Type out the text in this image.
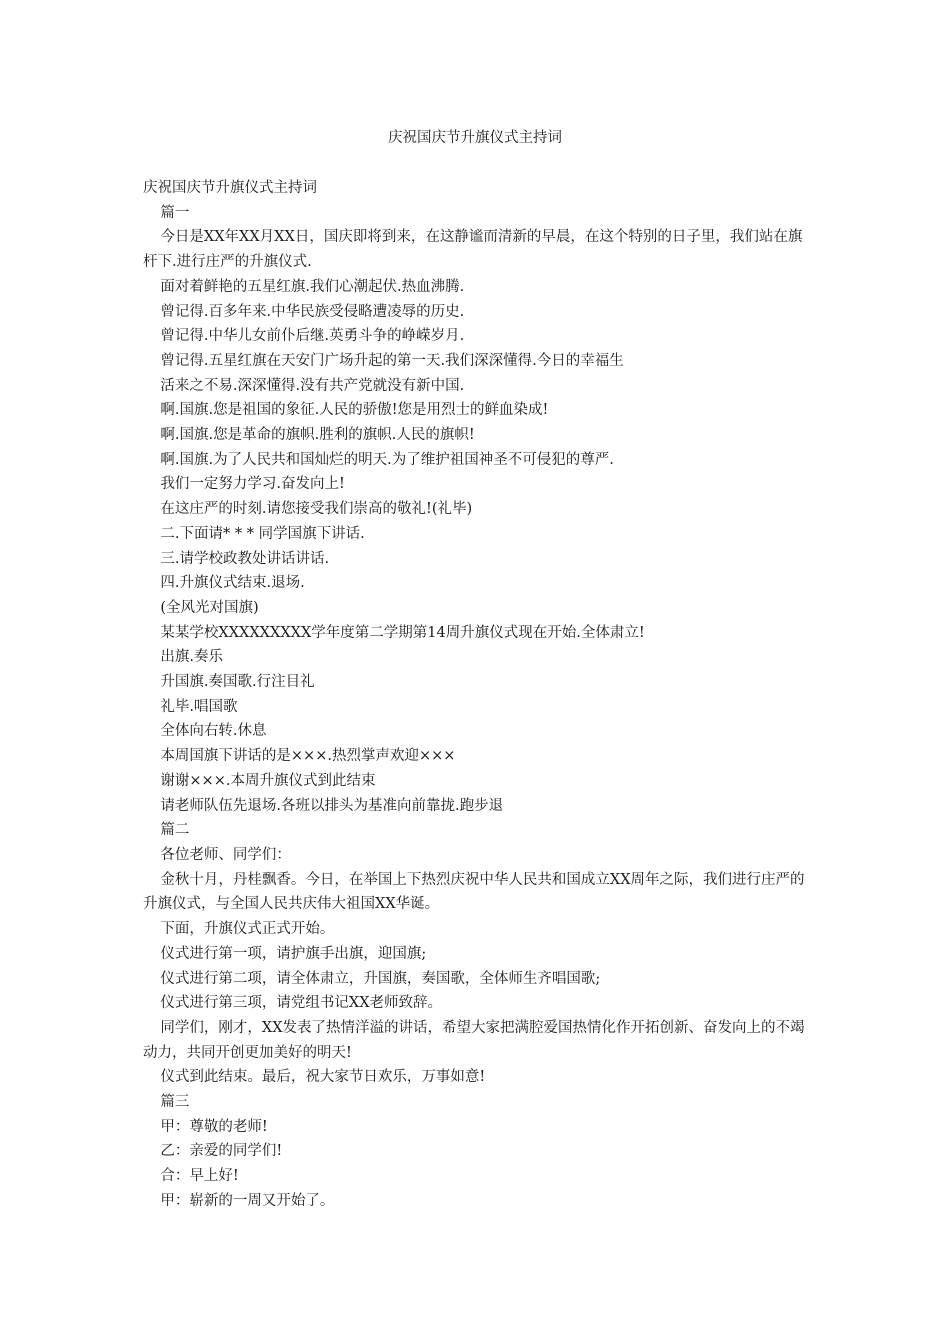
庆祝国庆节升旗仪式主持词

庆祝国庆节升旗仪式主持词

篇一

今日是XX年XX月XX日，国庆即将到来，在这静谧而清新的早晨，在这个特别的日子里，我们站在旗杆下.进行庄严的升旗仪式.

面对着鲜艳的五星红旗.我们心潮起伏.热血沸腾.

曾记得.百多年来.中华民族受侵略遭凌辱的历史.

曾记得.中华儿女前仆后继.英勇斗争的峥嵘岁月.

曾记得.五星红旗在天安门广场升起的第一天.我们深深懂得.今日的幸福生

活来之不易.深深懂得.没有共产党就没有新中国.

啊.国旗.您是祖国的象征.人民的骄傲!您是用烈士的鲜血染成!

啊.国旗.您是革命的旗帜.胜利的旗帜.人民的旗帜!

啊.国旗.为了人民共和国灿烂的明天.为了维护祖国神圣不可侵犯的尊严.

我们一定努力学习.奋发向上!

在这庄严的时刻.请您接受我们崇高的敬礼!(礼毕)

二.下面请* * * 同学国旗下讲话.

三.请学校政教处讲话讲话.

四.升旗仪式结束.退场.

(全风光对国旗)

某某学校XXXXXXXXX学年度第二学期第14周升旗仪式现在开始.全体肃立!

出旗.奏乐

升国旗.奏国歌.行注目礼

礼毕.唱国歌

全体向右转.休息

本周国旗下讲话的是×××.热烈掌声欢迎×××

谢谢×××.本周升旗仪式到此结束

请老师队伍先退场.各班以排头为基准向前靠拢.跑步退

篇二

各位老师、同学们：

金秋十月，丹桂飘香。今日，在举国上下热烈庆祝中华人民共和国成立XX周年之际，我们进行庄严的升旗仪式，与全国人民共庆伟大祖国XX华诞。

下面，升旗仪式正式开始。

仪式进行第一项，请护旗手出旗，迎国旗;

仪式进行第二项，请全体肃立，升国旗，奏国歌，全体师生齐唱国歌;

仪式进行第三项，请党组书记XX老师致辞。

同学们，刚才，XX发表了热情洋溢的讲话，希望大家把满腔爱国热情化作开拓创新、奋发向上的不竭动力，共同开创更加美好的明天!

仪式到此结束。最后，祝大家节日欢乐，万事如意!

篇三

甲：尊敬的老师!

乙：亲爱的同学们!

合：早上好!

甲：崭新的一周又开始了。
